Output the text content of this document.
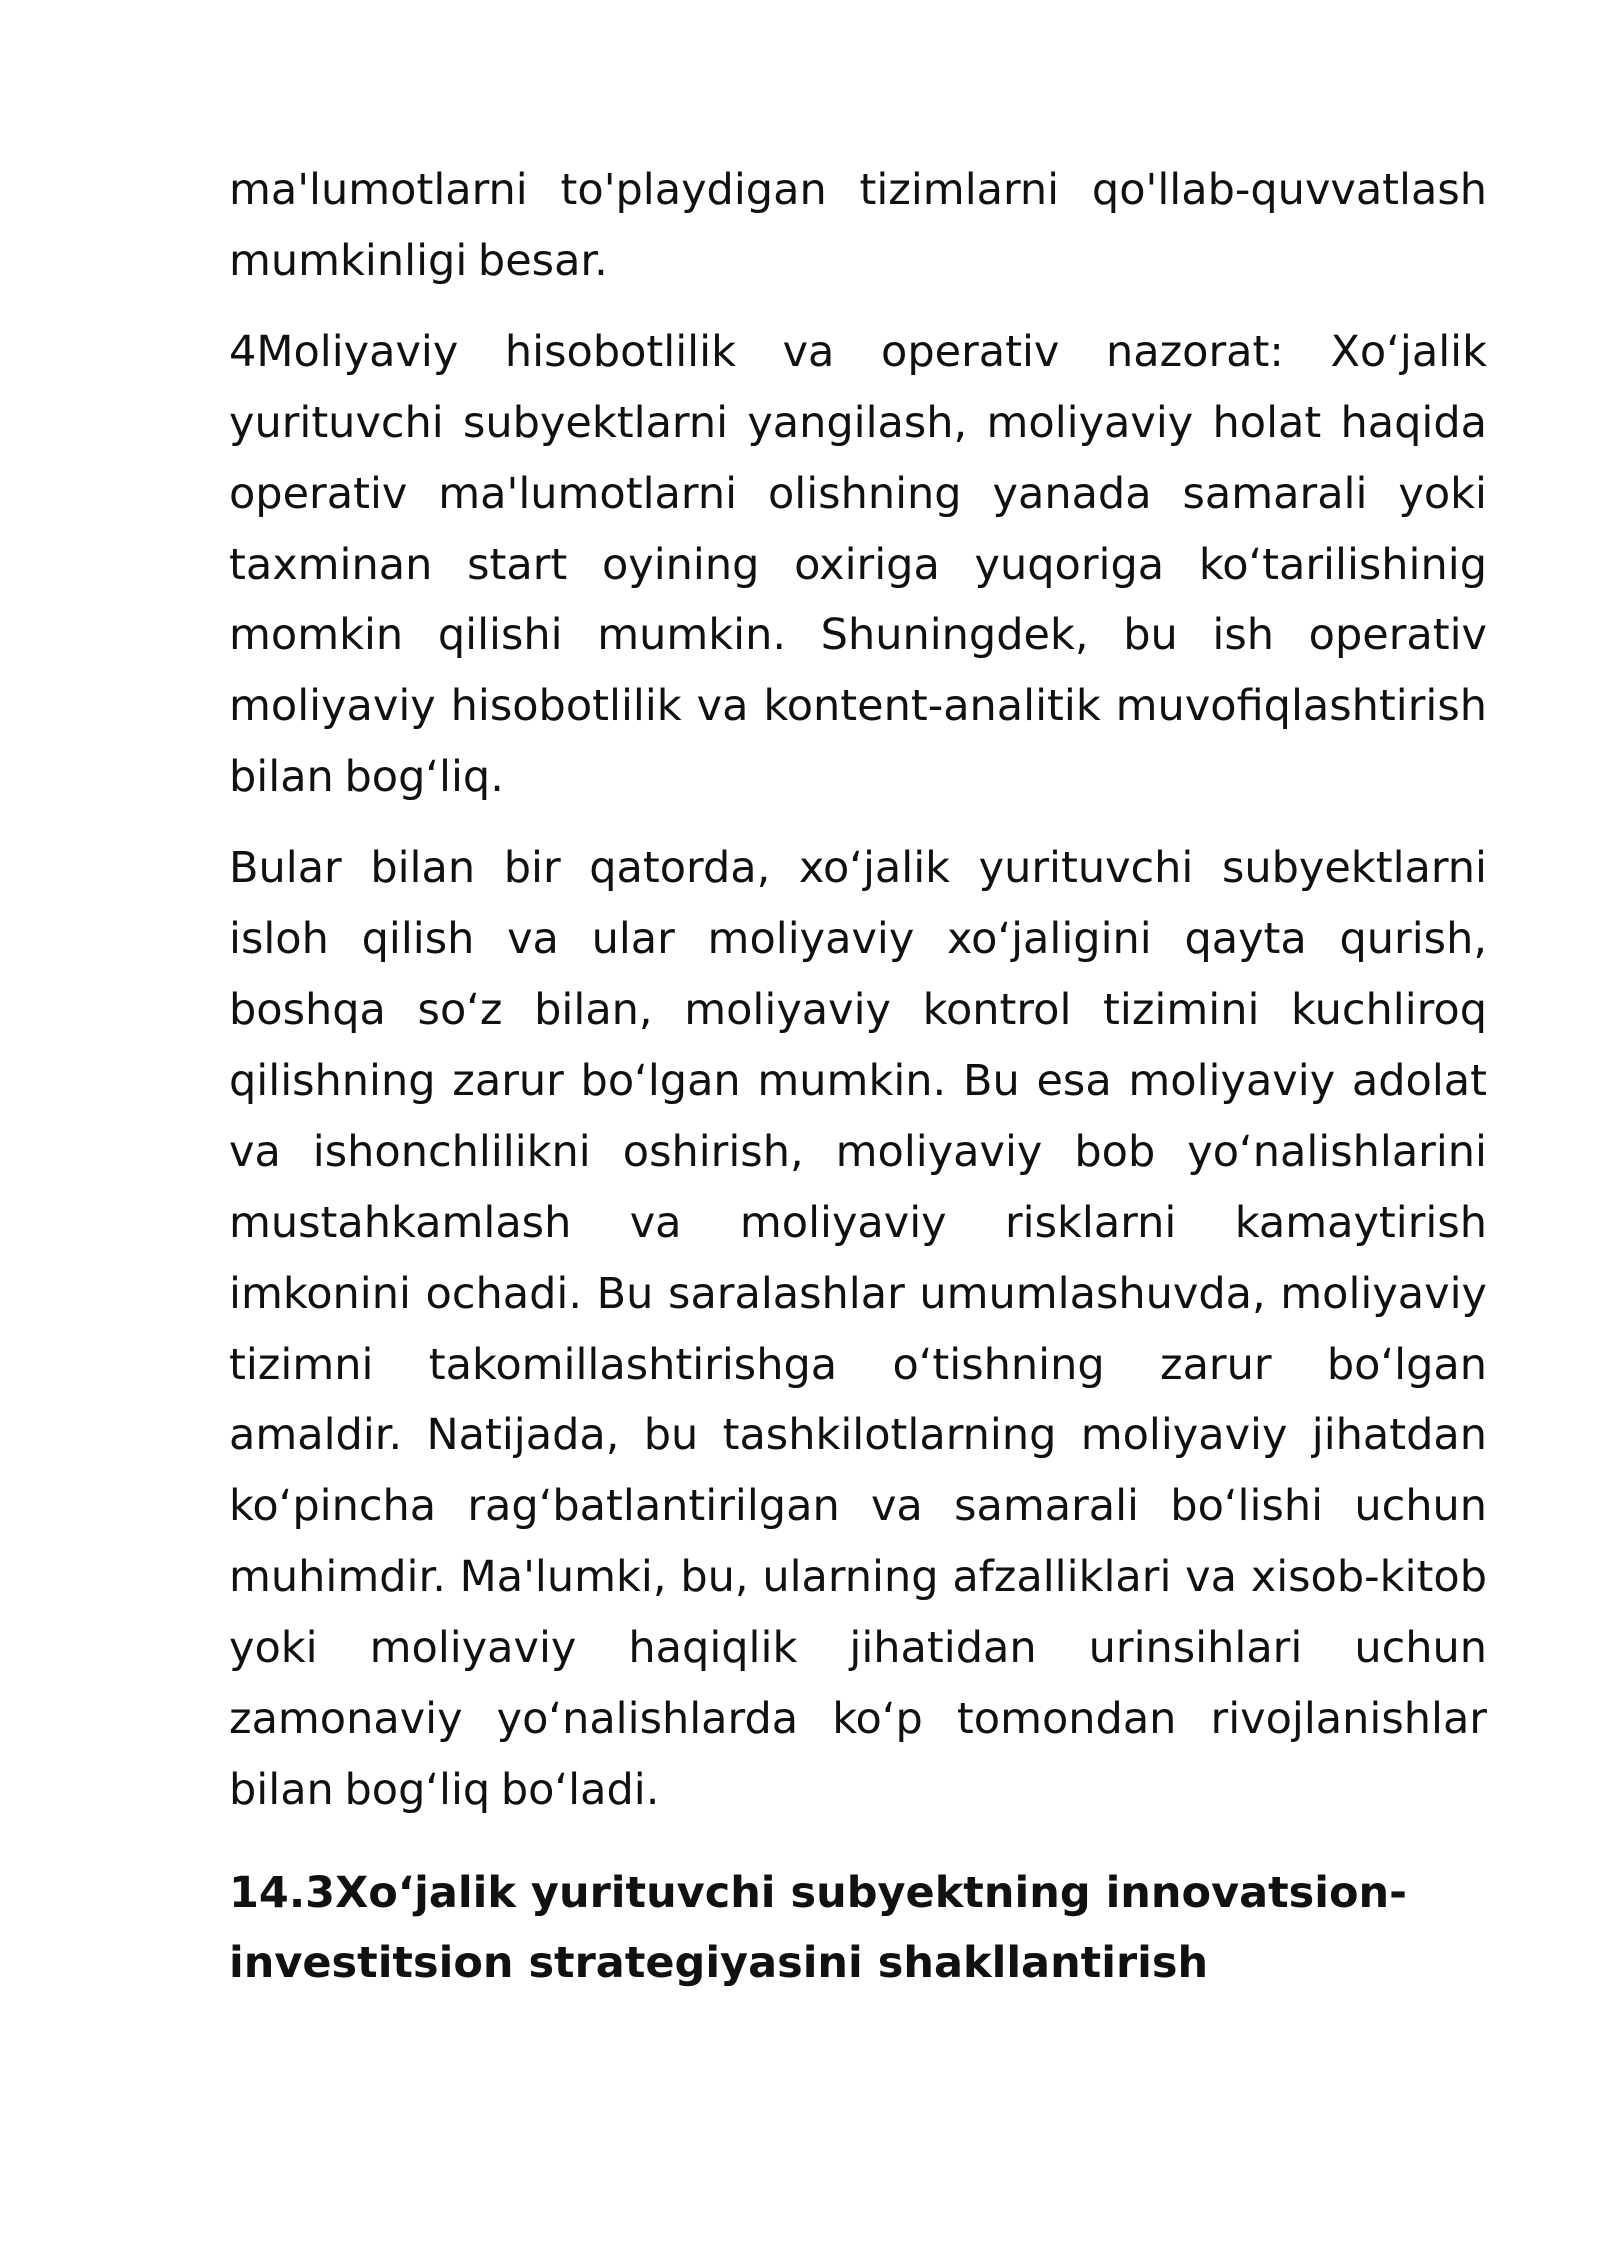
ma'lumotlarni to'playdigan tizimlarni qo'llab-quvvatlash mumkinligi besar.

4Moliyaviy hisobotlilik va operativ nazorat: Xo‘jalik yurituvchi subyektlarni yangilash, moliyaviy holat haqida operativ ma'lumotlarni olishning yanada samarali yoki taxminan start oyining oxiriga yuqoriga ko‘tarilishinig momkin qilishi mumkin. Shuningdek, bu ish operativ moliyaviy hisobotlilik va kontent-analitik muvofiqlashtirish bilan bog‘liq.

Bular bilan bir qatorda, xo‘jalik yurituvchi subyektlarni isloh qilish va ular moliyaviy xo‘jaligini qayta qurish, boshqa so‘z bilan, moliyaviy kontrol tizimini kuchliroq qilishning zarur bo‘lgan mumkin. Bu esa moliyaviy adolat va ishonchlilikni oshirish, moliyaviy bob yo‘nalishlarini mustahkamlash va moliyaviy risklarni kamaytirish imkonini ochadi. Bu saralashlar umumlashuvda, moliyaviy tizimni takomillashtirishga o‘tishning zarur bo‘lgan amaldir. Natijada, bu tashkilotlarning moliyaviy jihatdan ko‘pincha rag‘batlantirilgan va samarali bo‘lishi uchun muhimdir. Ma'lumki, bu, ularning afzalliklari va xisob-kitob yoki moliyaviy haqiqlik jihatidan urinsihlari uchun zamonaviy yo‘nalishlarda ko‘p tomondan rivojlanishlar bilan bog‘liq bo‘ladi.

14.3Xo‘jalik yurituvchi subyektning innovatsion-investitsion strategiyasini shakllantirish
